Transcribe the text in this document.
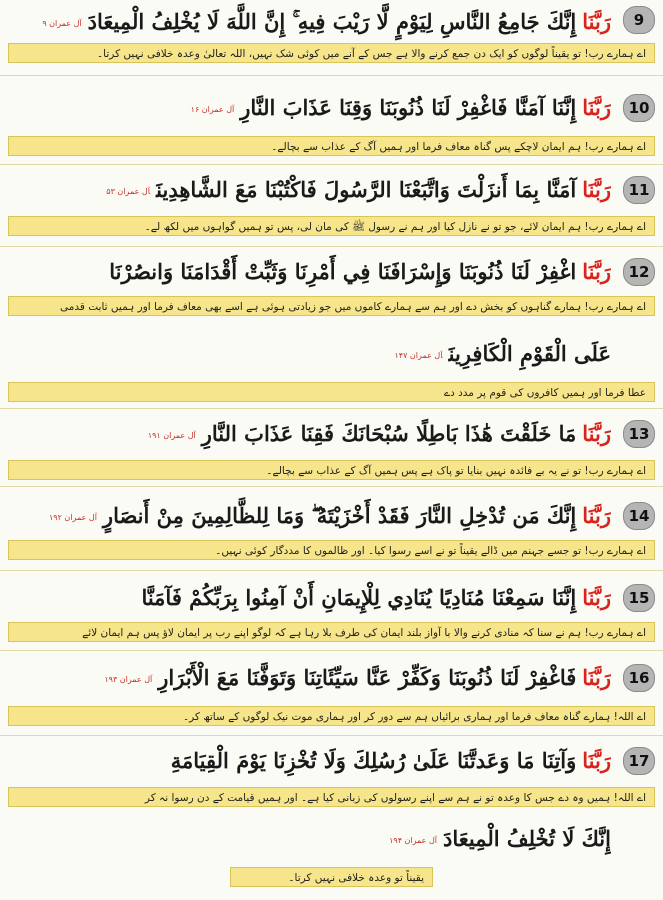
رَبَّنَاإِنَّكَ جَامِعُ النَّاسِ لِيَوْمٍ لَّا رَيْبَ فِيهِ ۚ إِنَّ اللَّهَ لَا يُخْلِفُ الْمِيعَادَآل عمران ۹	9
اے ہمارے رب! تو یقیناً لوگوں کو ایک دن جمع کرنے والا ہے جس کے آنے میں کوئی شک نہیں، اللہ تعالیٰ وعدہ خلافی نہیں کرتا۔
رَبَّنَاإِنَّنَا آمَنَّا فَاغْفِرْ لَنَا ذُنُوبَنَا وَقِنَا عَذَابَ النَّارِآل عمران ۱۶	10
اے ہمارے رب! ہم ایمان لاچکے پس گناہ معاف فرما اور ہمیں آگ کے عذاب سے بچالے۔
رَبَّنَاآمَنَّا بِمَا أَنزَلْتَ وَاتَّبَعْنَا الرَّسُولَ فَاكْتُبْنَا مَعَ الشَّاهِدِينَآل عمران ۵۳	11
اے ہمارے رب! ہم ایمان لائے، جو تو نے نازل کیا اور ہم نے رسول ﷺ کی مان لی، پس تو ہمیں گواہوں میں لکھ لے۔
رَبَّنَااغْفِرْ لَنَا ذُنُوبَنَا وَإِسْرَافَنَا فِي أَمْرِنَا وَثَبِّتْ أَقْدَامَنَا وَانصُرْنَا	12
اے ہمارے رب! ہمارے گناہوں کو بخش دے اور ہم سے ہمارے کاموں میں جو زیادتی ہوئی ہے اسے بھی معاف فرما اور ہمیں ثابت قدمی
عَلَى الْقَوْمِ الْكَافِرِينَآل عمران ۱۴۷
عطا فرما اور ہمیں کافروں کی قوم پر مدد دے
رَبَّنَامَا خَلَقْتَ هَٰذَا بَاطِلًا سُبْحَانَكَ فَقِنَا عَذَابَ النَّارِآل عمران ۱۹۱	13
اے ہمارے رب! تو نے یہ بے فائدہ نہیں بنایا تو پاک ہے پس ہمیں آگ کے عذاب سے بچالے۔
رَبَّنَاإِنَّكَ مَن تُدْخِلِ النَّارَ فَقَدْ أَخْزَيْتَهُ ۖ وَمَا لِلظَّالِمِينَ مِنْ أَنصَارٍآل عمران ۱۹۲	14
اے ہمارے رب! تو جسے جہنم میں ڈالے یقیناً تو نے اسے رسوا کیا۔ اور ظالموں کا مددگار کوئی نہیں۔
رَبَّنَاإِنَّنَا سَمِعْنَا مُنَادِيًا يُنَادِي لِلْإِيمَانِ أَنْ آمِنُوا بِرَبِّكُمْ فَآمَنَّا	15
اے ہمارے رب! ہم نے سنا کہ منادی کرنے والا با آواز بلند ایمان کی طرف بلا رہا ہے کہ لوگو اپنے رب پر ایمان لاؤ پس ہم ایمان لائے
رَبَّنَافَاغْفِرْ لَنَا ذُنُوبَنَا وَكَفِّرْ عَنَّا سَيِّئَاتِنَا وَتَوَفَّنَا مَعَ الْأَبْرَارِآل عمران ۱۹۳	16
اے اللہ! ہمارے گناہ معاف فرما اور ہماری برائیاں ہم سے دور کر اور ہماری موت نیک لوگوں کے ساتھ کر۔
رَبَّنَاوَآتِنَا مَا وَعَدتَّنَا عَلَىٰ رُسُلِكَ وَلَا تُخْزِنَا يَوْمَ الْقِيَامَةِ	17
اے اللہ! ہمیں وہ دے جس کا وعدہ تو نے ہم سے اپنے رسولوں کی زبانی کیا ہے۔ اور ہمیں قیامت کے دن رسوا نہ کر
إِنَّكَ لَا تُخْلِفُ الْمِيعَادَآل عمران ۱۹۴
یقیناً تو وعدہ خلافی نہیں کرتا۔
